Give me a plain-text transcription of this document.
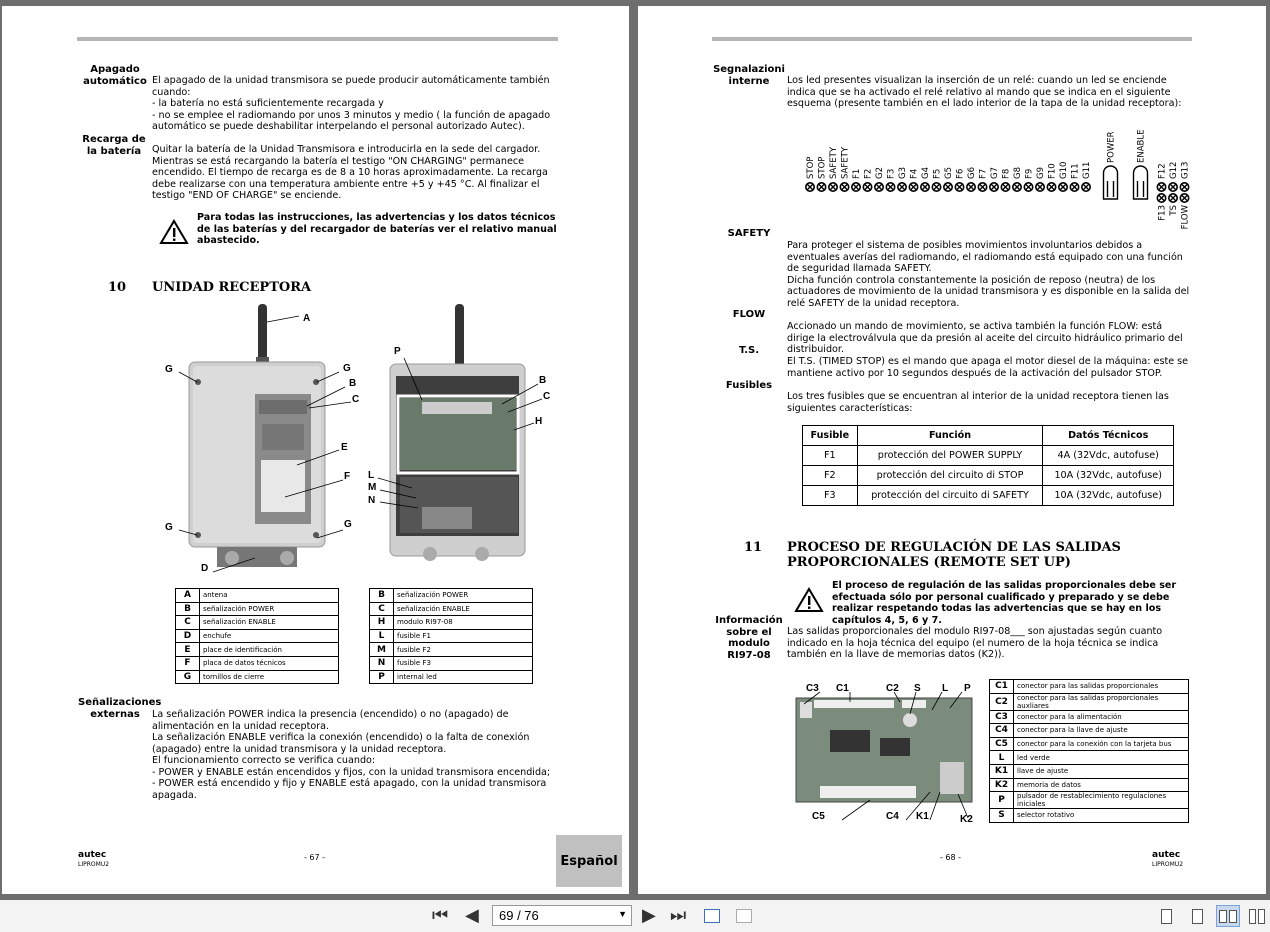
Apagado automático El apagado de la unidad transmisora se puede producir automáticamente también cuando:
- la batería no está suficientemente recargada y
- no se emplee el radiomando por unos 3 minutos y medio ( la función de apagado automático se puede deshabilitar interpelando el personal autorizado Autec).
Recarga de la batería	Quitar la batería de la Unidad Transmisora e introducirla en la sede del cargador. Mientras se está recargando la batería el testigo "ON CHARGING" permanece encendido. El tiempo de recarga es de 8 a 10 horas aproximadamente. La recarga debe realizarse con una temperatura ambiente entre +5 y +45 °C. Al finalizar el testigo "END OF CHARGE" se enciende.
Para todas las instrucciones, las advertencias y los datos técnicos de las baterías y del recargador de baterías ver el relativo manual abastecido.
10 UNIDAD RECEPTORA
A
G	G
B
C
E
F
G	G
D
P
B
C
H
L
M
N
A	antena
B	señalización POWER
C	señalización ENABLE
D	enchufe
E	place de identificación
F	placa de datos técnicos
G	tornillos de cierre
B	señalización POWER
C	señalización ENABLE
H	modulo RI97-08
L	fusible F1
M	fusible F2
N	fusible F3
P	internal led
Señalizaciones externas	La señalización POWER indica la presencia (encendido) o no (apagado) de alimentación en la unidad receptora.
La señalización ENABLE verifica la conexión (encendido) o la falta de conexión (apagado) entre la unidad transmisora y la unidad receptora.
El funcionamiento correcto se verifica cuando:
- POWER y ENABLE están encendidos y fijos, con la unidad transmisora encendida;
- POWER está encendido y fijo y ENABLE está apagado, con la unidad transmisora apagada.
autec
LIPROMU2
- 67 -	Español
Segnalazioni interne	Los led presentes visualizan la inserción de un relé: cuando un led se enciende indica que se ha activado el relé relativo al mando que se indica en el siguiente esquema (presente también en el lado interior de la tapa de la unidad receptora):
STOP STOP SAFETY SAFETY F1 F2 G2 F3 G3 F4 G4 F5 G5 F6 G6 F7 G7 F8 G8 F9 G9 F10 G10 F11 G11
POWER ENABLE
F12
F13
G12
TS
G13
FLOW
SAFETY
Para proteger el sistema de posibles movimientos involuntarios debidos a eventuales averías del radiomando, el radiomando está equipado con una función de seguridad llamada SAFETY.
Dicha función controla constantemente la posición de reposo (neutra) de los actuadores de movimiento de la unidad transmisora y es disponible en la salida del relé SAFETY de la unidad receptora.
FLOW
Accionado un mando de movimiento, se activa también la función FLOW: está dirige la electroválvula que da presión al aceite del circuito hidráulico primario del distribuidor.
T.S.
El T.S. (TIMED STOP) es el mando que apaga el motor diesel de la máquina: este se mantiene activo por 10 segundos después de la activación del pulsador STOP.
Fusibles
Los tres fusibles que se encuentran al interior de la unidad receptora tienen las siguientes características:
Fusible	Función	Datós Técnicos
F1	protección del POWER SUPPLY	4A (32Vdc, autofuse)
F2	protección del circuito di STOP	10A (32Vdc, autofuse)
F3	protección del circuito di SAFETY	10A (32Vdc, autofuse)
11 PROCESO DE REGULACIÓN DE LAS SALIDAS PROPORCIONALES (REMOTE SET UP)
El proceso de regulación de las salidas proporcionales debe ser efectuada sólo por personal cualificado y preparado y se debe realizar respetando todas las advertencias que se hay en los capítulos 4, 5, 6 y 7.
Información sobre el modulo RI97-08
Las salidas proporcionales del modulo RI97-08___ son ajustadas según cuanto indicado en la hoja técnica del equipo (el numero de la hoja técnica se indica también en la llave de memorias datos (K2)).
C3 C1	C2 S L P
C5	C4 K1	K2
C1	conector para las salidas proporcionales
C2	conector para las salidas proporcionales auxliares
C3	conector para la alimentación
C4	conector para la llave de ajuste
C5	conector para la conexión con la tarjeta bus
L	led verde
K1	llave de ajuste
K2	memoria de datos
P	pulsador de restablecimiento regulaciones iniciales
S	selector rotativo
- 68 -	autec
LIPROMU2
⏮ ◀	69 / 76	▼ ▶ ⏭
